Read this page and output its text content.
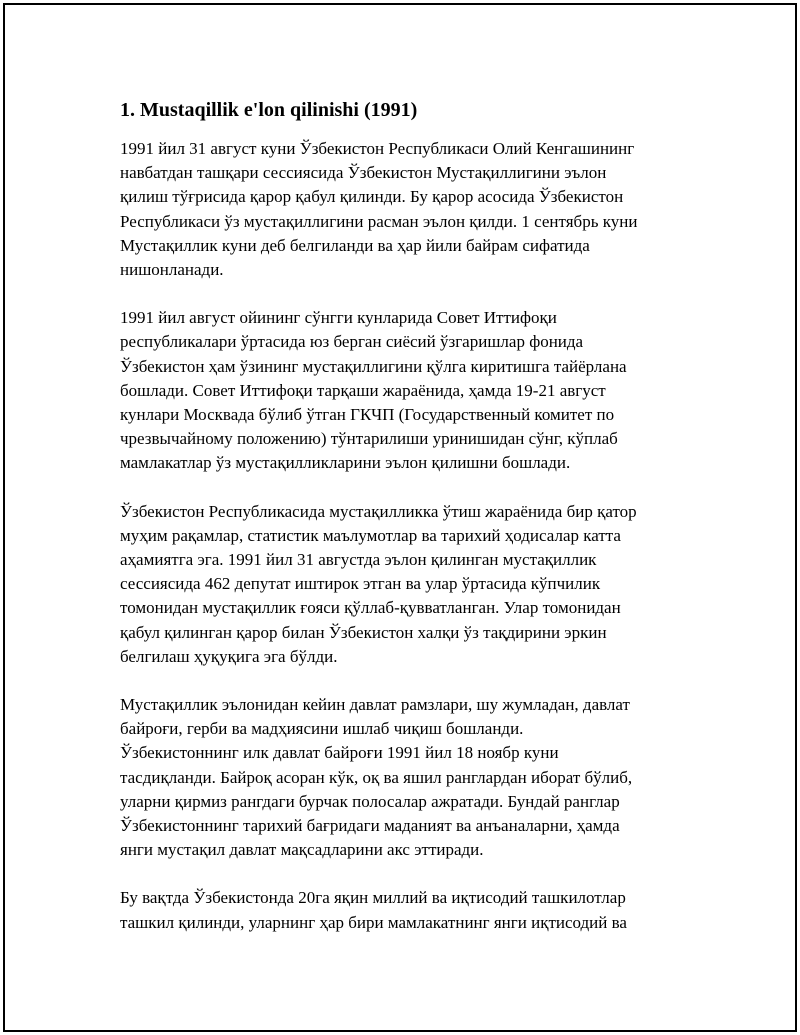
1. Mustaqillik e'lon qilinishi (1991)

1991 йил 31 август куни Ўзбекистон Республикаси Олий Кенгашининг
навбатдан ташқари сессиясида Ўзбекистон Мустақиллигини эълон
қилиш тўғрисида қарор қабул қилинди. Бу қарор асосида Ўзбекистон
Республикаси ўз мустақиллигини расман эълон қилди. 1 сентябрь куни
Мустақиллик куни деб белгиланди ва ҳар йили байрам сифатида
нишонланади.

1991 йил август ойининг сўнгги кунларида Совет Иттифоқи
республикалари ўртасида юз берган сиёсий ўзгаришлар фонида
Ўзбекистон ҳам ўзининг мустақиллигини қўлга киритишга тайёрлана
бошлади. Совет Иттифоқи тарқаши жараёнида, ҳамда 19-21 август
кунлари Москвада бўлиб ўтган ГКЧП (Государственный комитет по
чрезвычайному положению) тўнтарилиши уринишидан сўнг, кўплаб
мамлакатлар ўз мустақилликларини эълон қилишни бошлади.

Ўзбекистон Республикасида мустақилликка ўтиш жараёнида бир қатор
муҳим рақамлар, статистик маълумотлар ва тарихий ҳодисалар катта
аҳамиятга эга. 1991 йил 31 августда эълон қилинган мустақиллик
сессиясида 462 депутат иштирок этган ва улар ўртасида кўпчилик
томонидан мустақиллик ғояси қўллаб-қувватланган. Улар томонидан
қабул қилинган қарор билан Ўзбекистон халқи ўз тақдирини эркин
белгилаш ҳуқуқига эга бўлди.

Мустақиллик эълонидан кейин давлат рамзлари, шу жумладан, давлат
байроғи, герби ва мадҳиясини ишлаб чиқиш бошланди.
Ўзбекистоннинг илк давлат байроғи 1991 йил 18 ноябр куни
тасдиқланди. Байроқ асоран кўк, оқ ва яшил ранглардан иборат бўлиб,
уларни қирмиз рангдаги бурчак полосалар ажратади. Бундай ранглар
Ўзбекистоннинг тарихий бағридаги маданият ва анъаналарни, ҳамда
янги мустақил давлат мақсадларини акс эттиради.

Бу вақтда Ўзбекистонда 20га яқин миллий ва иқтисодий ташкилотлар
ташкил қилинди, уларнинг ҳар бири мамлакатнинг янги иқтисодий ва
